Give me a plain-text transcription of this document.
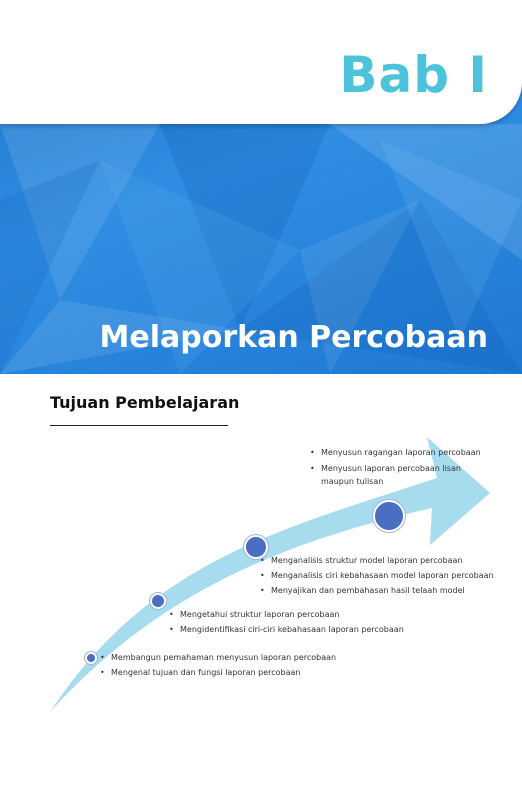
Bab I
Melaporkan Percobaan
Tujuan Pembelajaran
• Membangun pemahaman menyusun laporan percobaan
• Mengenal tujuan dan fungsi laporan percobaan
• Mengetahui struktur laporan percobaan
• Mengidentifikasi ciri-ciri kebahasaan laporan percobaan
• Menganalisis struktur model laporan percobaan
• Menganalisis ciri kebahasaan model laporan percobaan
• Menyajikan dan pembahasan hasil telaah model
• Menyusun ragangan laporan percobaan
• Menyusun laporan percobaan lisan maupun tulisan
